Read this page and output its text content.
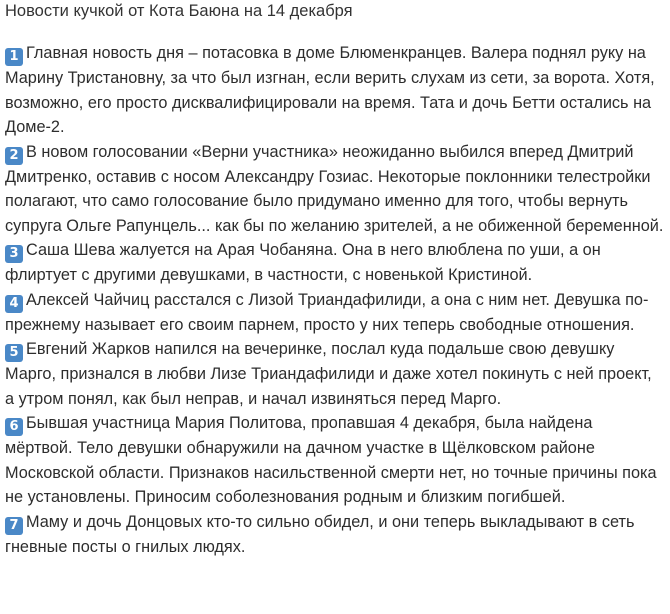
Новости кучкой от Кота Баюна на 14 декабря
1 Главная новость дня – потасовка в доме Блюменкранцев. Валера поднял руку на Марину Тристановну, за что был изгнан, если верить слухам из сети, за ворота. Хотя, возможно, его просто дисквалифицировали на время. Тата и дочь Бетти остались на Доме-2.
2 В новом голосовании «Верни участника» неожиданно выбился вперед Дмитрий Дмитренко, оставив с носом Александру Гозиас. Некоторые поклонники телестройки полагают, что само голосование было придумано именно для того, чтобы вернуть супруга Ольге Рапунцель... как бы по желанию зрителей, а не обиженной беременной.
3 Саша Шева жалуется на Арая Чобаняна. Она в него влюблена по уши, а он флиртует с другими девушками, в частности, с новенькой Кристиной.
4 Алексей Чайчиц расстался с Лизой Триандафилиди, а она с ним нет. Девушка по-прежнему называет его своим парнем, просто у них теперь свободные отношения.
5 Евгений Жарков напился на вечеринке, послал куда подальше свою девушку Марго, признался в любви Лизе Триандафилиди и даже хотел покинуть с ней проект, а утром понял, как был неправ, и начал извиняться перед Марго.
6 Бывшая участница Мария Политова, пропавшая 4 декабря, была найдена мёртвой. Тело девушки обнаружили на дачном участке в Щёлковском районе Московской области. Признаков насильственной смерти нет, но точные причины пока не установлены. Приносим соболезнования родным и близким погибшей.
7 Маму и дочь Донцовых кто-то сильно обидел, и они теперь выкладывают в сеть гневные посты о гнилых людях.
